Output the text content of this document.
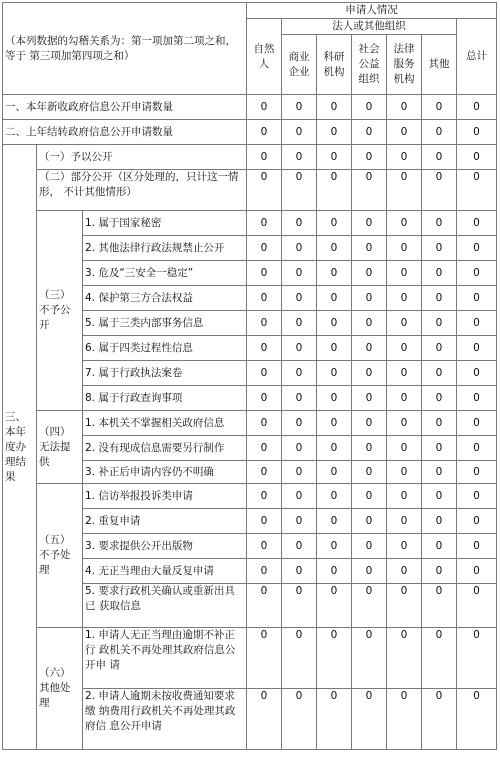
（本列数据的勾稽关系为：第一项加第二项之和，等于 第三项加第四项之和）			申请人情况						
			自然人	法人或其他组织					总计
				商业企业	科研机构	社会公益组织	法律服务机构	其他	
一、本年新收政府信息公开申请数量			0	0	0	0	0	0	0
二、上年结转政府信息公开申请数量			0	0	0	0	0	0	0
三、本年度办理结果	（一）予以公开		0	0	0	0	0	0	0
	（二）部分公开（区分处理的，只计这一情形， 不计其他情形）		0	0	0	0	0	0	0
	（三）不予公开	1. 属于国家秘密	0	0	0	0	0	0	0
		2. 其他法律行政法规禁止公开	0	0	0	0	0	0	0
		3. 危及“三安全一稳定”	0	0	0	0	0	0	0
		4. 保护第三方合法权益	0	0	0	0	0	0	0
		5. 属于三类内部事务信息	0	0	0	0	0	0	0
		6. 属于四类过程性信息	0	0	0	0	0	0	0
		7. 属于行政执法案卷	0	0	0	0	0	0	0
		8. 属于行政查询事项	0	0	0	0	0	0	0
	（四）无法提供	1. 本机关不掌握相关政府信息	0	0	0	0	0	0	0
		2. 没有现成信息需要另行制作	0	0	0	0	0	0	0
		3. 补正后申请内容仍不明确	0	0	0	0	0	0	0
	（五）不予处理	1. 信访举报投诉类申请	0	0	0	0	0	0	0
		2. 重复申请	0	0	0	0	0	0	0
		3. 要求提供公开出版物	0	0	0	0	0	0	0
		4. 无正当理由大量反复申请	0	0	0	0	0	0	0
		5. 要求行政机关确认或重新出具已 获取信息	0	0	0	0	0	0	0
	（六）其他处理	1. 申请人无正当理由逾期不补正行 政机关不再处理其政府信息公开申 请	0	0	0	0	0	0	0
		2. 申请人逾期未按收费通知要求缴 纳费用行政机关不再处理其政府信 息公开申请	0	0	0	0	0	0	0
